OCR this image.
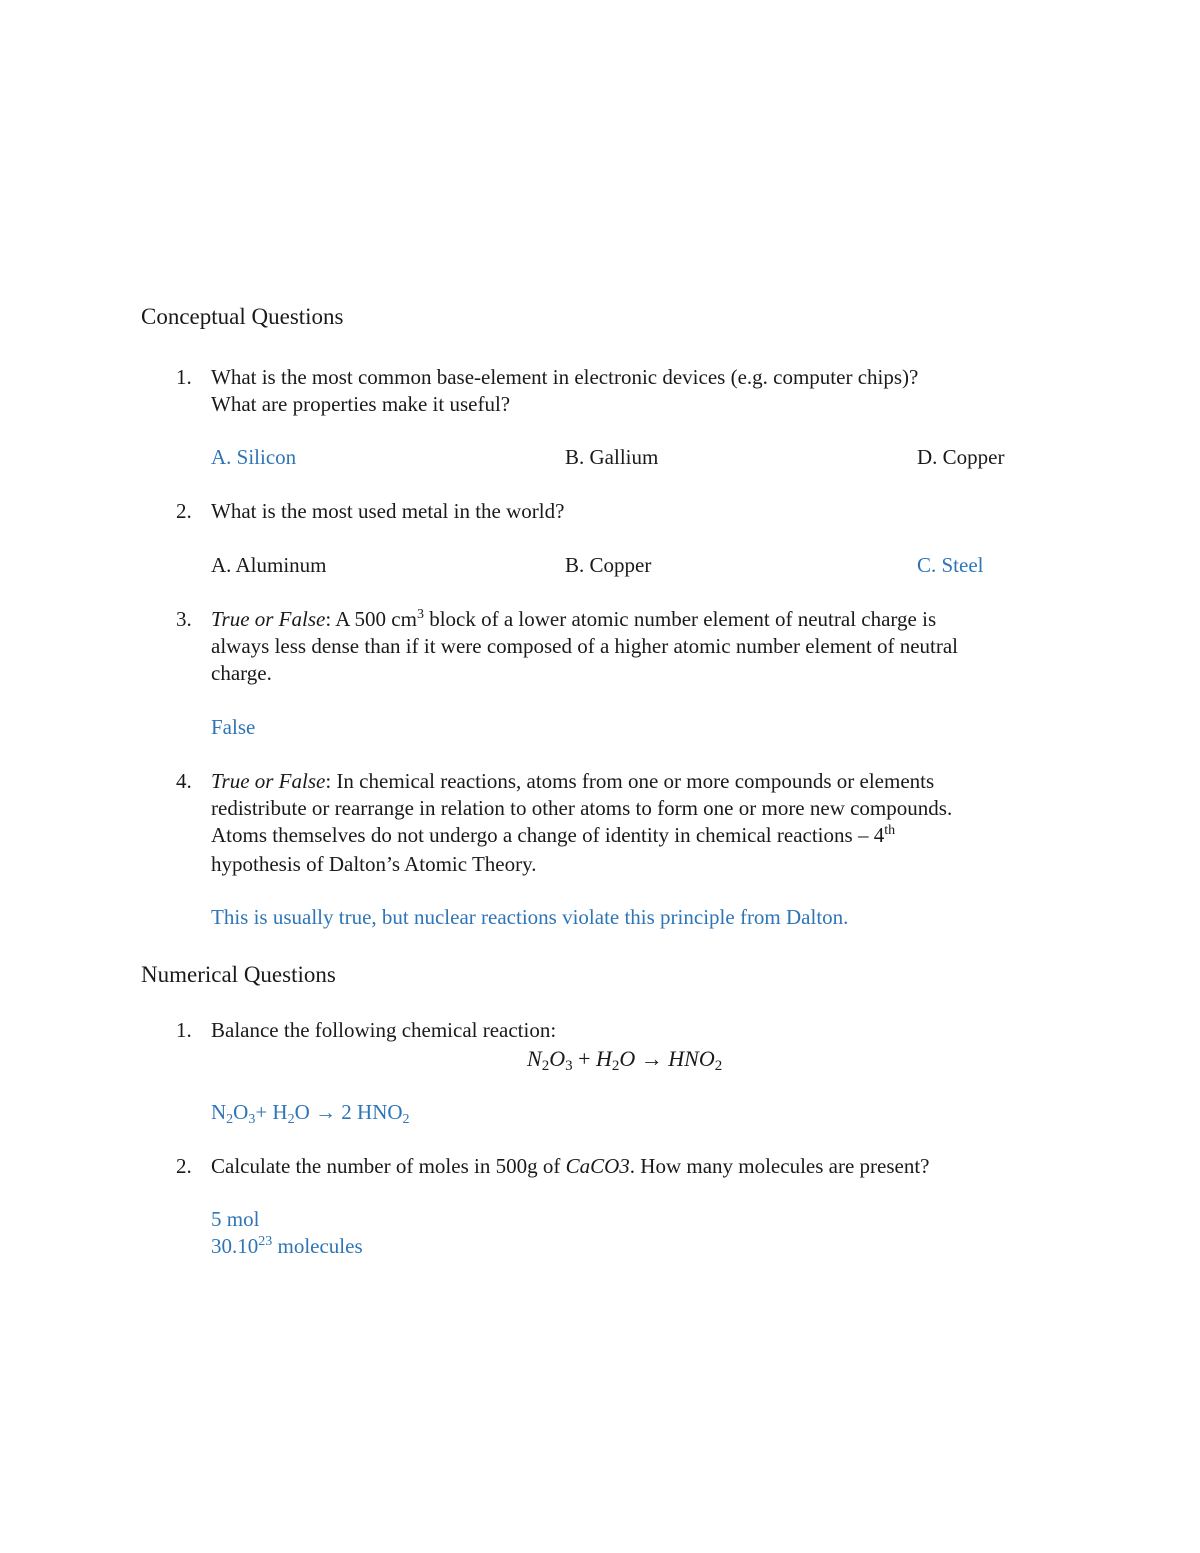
Conceptual Questions
1. What is the most common base-element in electronic devices (e.g. computer chips)?
What are properties make it useful?
A. Silicon	B. Gallium	D. Copper
2. What is the most used metal in the world?
A. Aluminum	B. Copper	C. Steel
3. True or False: A 500 $cm^3$ block of a lower atomic number element of neutral charge is
always less dense than if it were composed of a higher atomic number element of neutral
charge.
False
4. True or False: In chemical reactions, atoms from one or more compounds or elements
redistribute or rearrange in relation to other atoms to form one or more new compounds.
Atoms themselves do not undergo a change of identity in chemical reactions – 4th
hypothesis of Dalton’s Atomic Theory.
This is usually true, but nuclear reactions violate this principle from Dalton.
Numerical Questions
1. Balance the following chemical reaction:
$N_2O_3 + H_2O \to HNO_2$
$N_2O_3+ H_2O \to 2$ $HNO_2$
2. Calculate the number of moles in 500g of CaCO3. How many molecules are present?
5 mol
30.10$^{23}$ molecules
